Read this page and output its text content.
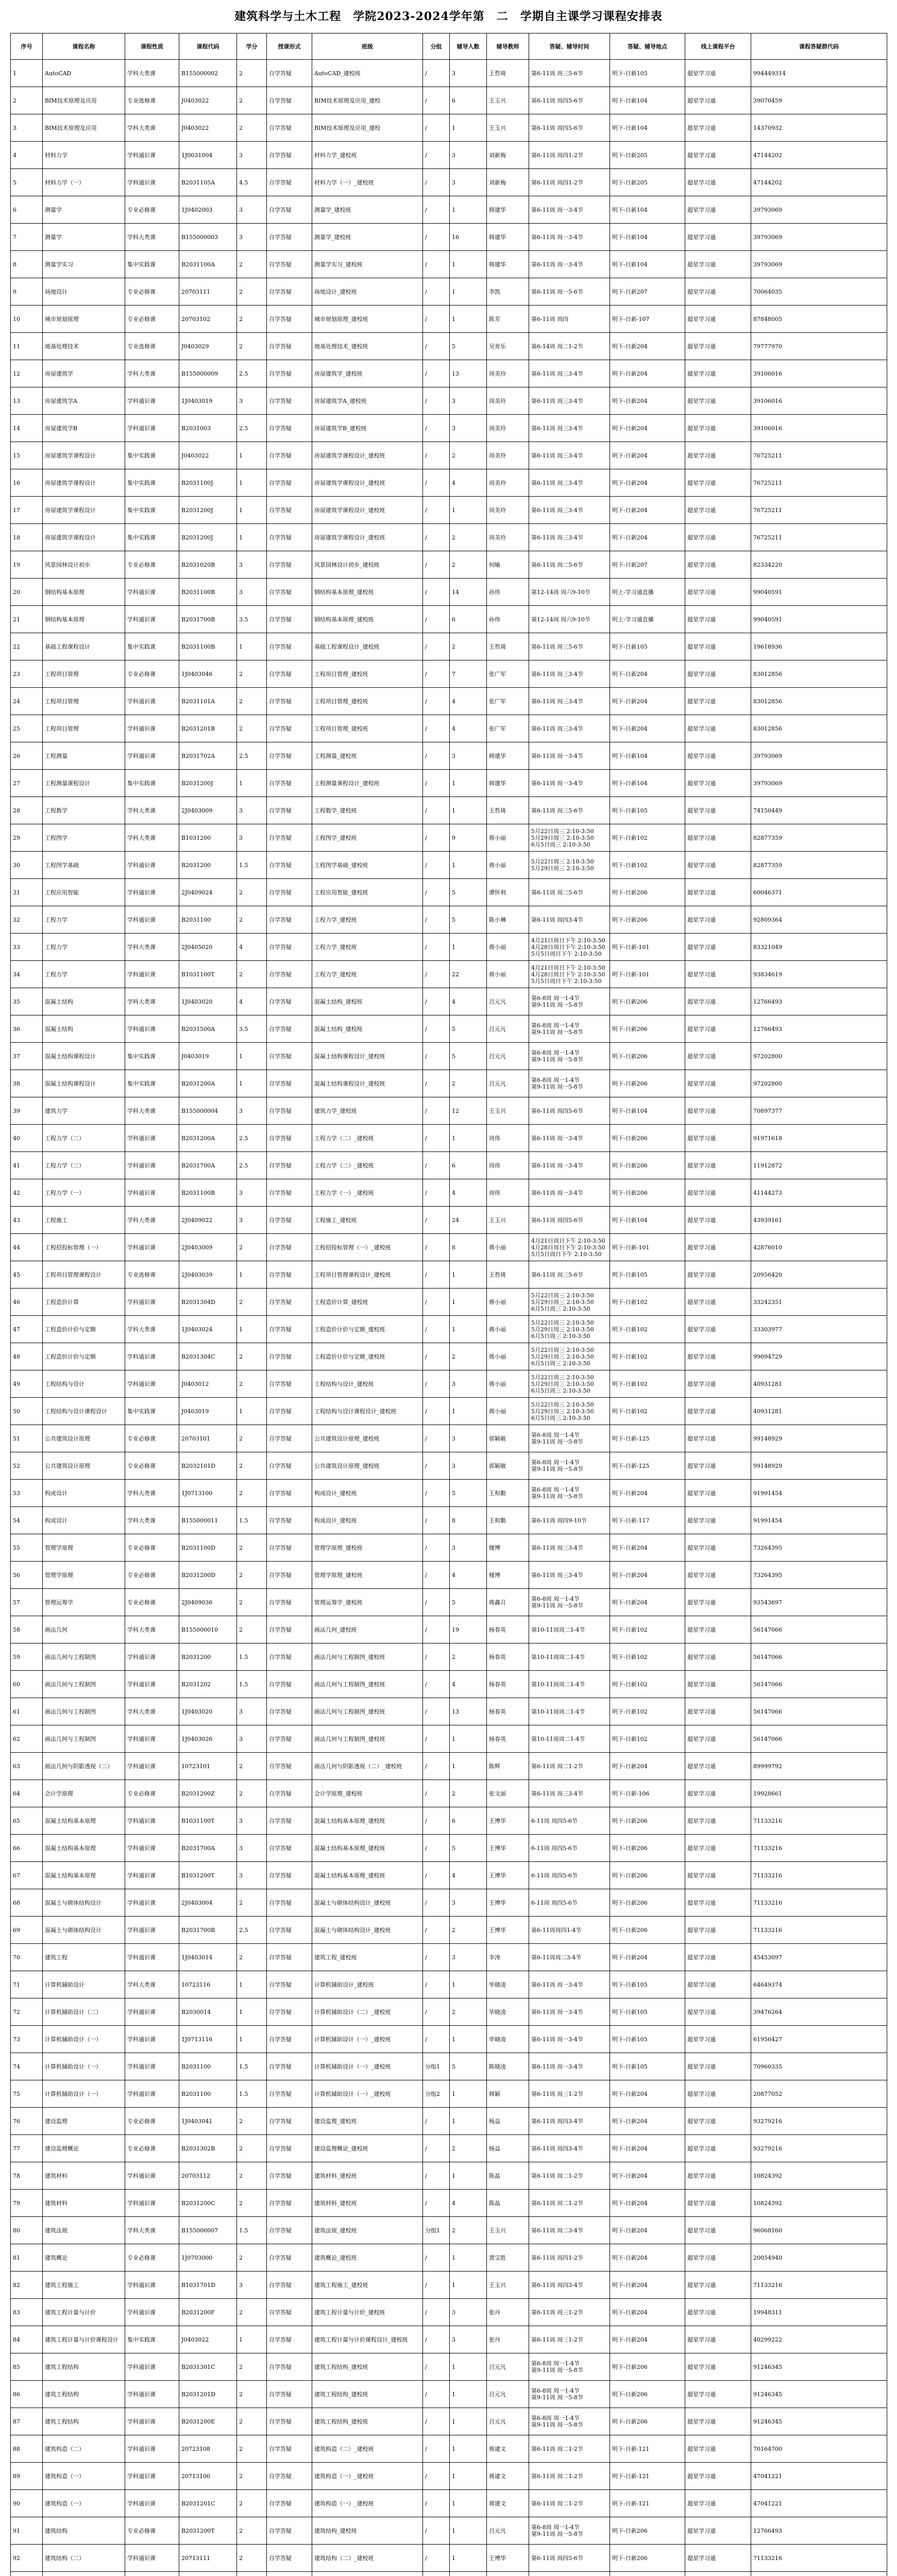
建筑科学与土木工程　学院2023-2024学年第　二　学期自主课学习课程安排表
序号	课程名称	课程性质	课程代码	学分	授课形式	班级	分组	辅导人数	辅导教师	答疑、辅导时间	答疑、辅导地点	线上课程平台	课程答疑群代码
1	AutoCAD	学科大类课	B155000002	2	自学答疑	AutoCAD_建校班	/	3	王哲琦	第6-11周 周三5-6节	明下-日新105	超星学习通	994449314
2	BIM技术原理及应用	专业选修课	J0403022	2	自学答疑	BIM技术原理及应用_建校	/	6	王玉兴	第6-11周 周四5-6节	明下-日新104	超星学习通	39070459
3	BIM技术原理及应用	学科大类课	J0403022	2	自学答疑	BIM技术原理及应用_建校	/	1	王玉兴	第6-11周 周四5-6节	明下-日新104	超星学习通	14370932
4	材料力学	学科通识课	1J0031004	3	自学答疑	材料力学_建校班	/	3	刘新梅	第6-11周 周四1-2节	明下-日新205	超星学习通	47144202
5	材料力学（一）	学科通识课	B2031105A	4.5	自学答疑	材料力学（一）_建校班	/	3	刘新梅	第6-11周 周四1-2节	明下-日新205	超星学习通	47144202
6	测量学	专业必修课	1J0402003	3	自学答疑	测量学_建校班	/	1	韩建华	第6-11周 周一3-4节	明下-日新104	超星学习通	39793069
7	测量学	学科大类课	B155000003	3	自学答疑	测量学_建校班	/	16	韩建华	第6-11周 周一3-4节	明下-日新104	超星学习通	39793069
8	测量学实习	集中实践课	B2031100A	2	自学答疑	测量学实习_建校班	/	1	韩建华	第6-11周 周一3-4节	明下-日新104	超星学习通	39793069
9	场地设计	专业必修课	20703111	2	自学答疑	场地设计_建校班	/	1	李凯	第6-11周 周一5-6节	明下-日新207	超星学习通	70064035
10	城市规划原理	专业必修课	20703102	2	自学答疑	城市规划原理_建校班	/	1	陈芳	第6-11周 周四	明下-日新-107	超星学习通	87848005
11	地基处理技术	专业选修课	J0403029	2	自学答疑	地基处理技术_建校班	/	5	吴育乐	第6-14周 周二1-2节	明下-日新204	超星学习通	79777970
12	房屋建筑学	学科大类课	B155000009	2.5	自学答疑	房屋建筑学_建校班	/	13	周美玲	第6-11周 周三3-4节	明下-日新204	超星学习通	39106016
13	房屋建筑学A	学科通识课	1J0403019	3	自学答疑	房屋建筑学A_建校班	/	3	周美玲	第6-11周 周三3-4节	明下-日新204	超星学习通	39106016
14	房屋建筑学B	学科通识课	B2031003	2.5	自学答疑	房屋建筑学B_建校班	/	3	周美玲	第6-11周 周三3-4节	明下-日新204	超星学习通	39106016
15	房屋建筑学课程设计	集中实践课	J0403022	1	自学答疑	房屋建筑学课程设计_建校班	/	2	周美玲	第6-11周 周三3-4节	明下-日新204	超星学习通	76725211
16	房屋建筑学课程设计	集中实践课	B2031100J	1	自学答疑	房屋建筑学课程设计_建校班	/	4	周美玲	第6-11周 周三3-4节	明下-日新204	超星学习通	76725211
17	房屋建筑学课程设计	集中实践课	B2031200J	1	自学答疑	房屋建筑学课程设计_建校班	/	1	周美玲	第6-11周 周三3-4节	明下-日新204	超星学习通	76725211
18	房屋建筑学课程设计	集中实践课	B2031200J	1	自学答疑	房屋建筑学课程设计_建校班	/	2	周美玲	第6-11周 周三3-4节	明下-日新204	超星学习通	76725211
19	风景园林设计初步	专业必修课	B2031020B	3	自学答疑	风景园林设计初步_建校班	/	2	何喻	第6-11周 周二5-6节	明下-日新207	超星学习通	82334220
20	钢结构基本原理	学科通识课	B2031100B	3	自学答疑	钢结构基本原理_建校班	/	14	孙伟	第12-14周 周六9-10节	明上-学习通直播	超星学习通	99040591
21	钢结构基本原理	学科通识课	B2031700B	3.5	自学答疑	钢结构基本原理_建校班	/	6	孙伟	第12-14周 周六9-10节	明上-学习通直播	超星学习通	99040591
22	基础工程课程设计	集中实践课	B2031100B	1	自学答疑	基础工程课程设计_建校班	/	2	王哲琦	第6-11周 周三5-6节	明下-日新105	超星学习通	19618936
23	工程项目管理	专业必修课	1J0403046	2	自学答疑	工程项目管理_建校班	/	7	张广军	第6-11周 周三3-4节	明下-日新204	超星学习通	83012856
24	工程项目管理	学科通识课	B2031101A	2	自学答疑	工程项目管理_建校班	/	4	张广军	第6-11周 周三3-4节	明下-日新204	超星学习通	83012856
25	工程项目管理	学科通识课	B2031201B	2	自学答疑	工程项目管理_建校班	/	4	张广军	第6-11周 周三3-4节	明下-日新204	超星学习通	83012856
26	工程测量	学科通识课	B2031702A	2.5	自学答疑	工程测量_建校班	/	3	韩建华	第6-11周 周一3-4节	明下-日新104	超星学习通	39793069
27	工程测量课程设计	集中实践课	B2031200J	1	自学答疑	工程测量课程设计_建校班	/	1	韩建华	第6-11周 周一3-4节	明下-日新104	超星学习通	39793069
28	工程数学	学科大类课	2J0403009	3	自学答疑	工程数学_建校班	/	1	王哲琦	第6-11周 周三5-6节	明下-日新105	超星学习通	74150449
29	工程图学	学科大类课	B1031200	3	自学答疑	工程图学_建校班	/	9	蒋小丽	5月22日周三 2:10-3:50
5月29日周三 2:10-3:50
6月5日周三 2:10-3:50	明下-日新102	超星学习通	82877359
30	工程图学基础	学科通识课	B2031200	1.5	自学答疑	工程图学基础_建校班	/	1	蒋小丽	5月22日周三 2:10-3:50
5月29日周三 2:10-3:50	明下-日新102	超星学习通	82877359
31	工程应用智能	学科通识课	2J0409024	2	自学答疑	工程应用智能_建校班	/	5	谭怀利	第6-11周 周二5-6节	明下-日新206	超星学习通	60046371
32	工程力学	学科通识课	B2031100	2	自学答疑	工程力学_建校班	/	5	陈小琳	第6-11周 周四3-4节	明下-日新206	超星学习通	92809364
33	工程力学	学科大类课	2J0405020	4	自学答疑	工程力学_建校班	/	1	蒋小丽	4月21日周日下午 2:10-3:50
4月28日周日下午 2:10-3:50
5月5日周日下午 2:10-3:50	明下-日新-101	超星学习通	83321049
34	工程力学	学科通识课	B1031100T	2	自学答疑	工程力学_建校班	/	22	蒋小丽	4月21日周日下午 2:10-3:50
4月28日周日下午 2:10-3:50
5月5日周日下午 2:10-3:50	明下-日新-101	超星学习通	93834619
35	混凝土结构	学科大类课	1J0403020	4	自学答疑	混凝土结构_建校班	/	4	吕元凡	第6-8周 周一1-4节
第9-11周 周一5-8节	明下-日新206	超星学习通	12766493
36	混凝土结构	学科通识课	B2031500A	3.5	自学答疑	混凝土结构_建校班	/	5	吕元凡	第6-8周 周一1-4节
第9-11周 周一5-8节	明下-日新206	超星学习通	12766493
37	混凝土结构课程设计	集中实践课	J0403019	1	自学答疑	混凝土结构课程设计_建校班	/	5	吕元凡	第6-8周 周一1-4节
第9-11周 周一5-8节	明下-日新206	超星学习通	97202800
38	混凝土结构课程设计	集中实践课	B2031200A	1	自学答疑	混凝土结构课程设计_建校班	/	2	吕元凡	第6-8周 周一1-4节
第9-11周 周一5-8节	明下-日新206	超星学习通	97202800
39	建筑力学	学科大类课	B155000004	3	自学答疑	建筑力学_建校班	/	12	王玉兴	第6-11周 周四5-6节	明下-日新104	超星学习通	70897377
40	工程力学（二）	学科通识课	B2031200A	2.5	自学答疑	工程力学（二）_建校班	/	1	周伟	第6-11周 周一3-4节	明下-日新206	超星学习通	91971618
41	工程力学（二）	学科通识课	B2031700A	2.5	自学答疑	工程力学（二）_建校班	/	6	周伟	第6-11周 周一3-4节	明下-日新206	超星学习通	11912872
42	工程力学（一）	学科通识课	B2031100B	3	自学答疑	工程力学（一）_建校班	/	4	周伟	第6-11周 周一3-4节	明下-日新206	超星学习通	41144273
43	工程施工	学科大类课	2J0409022	3	自学答疑	工程施工_建校班	/	24	王玉兴	第6-11周 周四5-6节	明下-日新104	超星学习通	43939161
44	工程招投标管理（一）	学科通识课	2J0403009	2	自学答疑	工程招投标管理（一）_建校班	/	8	蒋小丽	4月21日周日下午 2:10-3:50
4月28日周日下午 2:10-3:50
5月5日周日下午 2:10-3:50	明下-日新-101	超星学习通	42876010
45	工程项目管理课程设计	专业选修课	2J0403039	1	自学答疑	工程项目管理课程设计_建校班	/	1	王哲琦	第6-11周 周三5-6节	明下-日新105	超星学习通	20956420
46	工程造价计算	学科通识课	B2031304D	2	自学答疑	工程造价计算_建校班	/	1	蒋小丽	5月22日周三 2:10-3:50
5月29日周三 2:10-3:50
6月5日周三 2:10-3:50	明下-日新102	超星学习通	33242351
47	工程造价计价与定额	学科大类课	1J0403024	1	自学答疑	工程造价计价与定额_建校班	/	1	蒋小丽	5月22日周三 2:10-3:50
5月29日周三 2:10-3:50
6月5日周三 2:10-3:50	明下-日新102	超星学习通	33303977
48	工程造价计价与定额	学科通识课	B2031304C	2	自学答疑	工程造价计价与定额_建校班	/	2	蒋小丽	5月22日周三 2:10-3:50
5月29日周三 2:10-3:50
6月5日周三 2:10-3:50	明下-日新102	超星学习通	99094729
49	工程结构与设计	学科通识课	J0403012	2	自学答疑	工程结构与设计_建校班	/	3	蒋小丽	5月22日周三 2:10-3:50
5月29日周三 2:10-3:50
6月5日周三 2:10-3:50	明下-日新102	超星学习通	40931281
50	工程结构与设计课程设计	集中实践课	J0403019	1	自学答疑	工程结构与设计课程设计_建校班	/	1	蒋小丽	5月22日周三 2:10-3:50
5月29日周三 2:10-3:50
6月5日周三 2:10-3:50	明下-日新102	超星学习通	40931281
51	公共建筑设计原理	专业必修课	20703101	2	自学答疑	公共建筑设计原理_建校班	/	3	郭颖敏	第6-8周 周一1-4节
第9-11周 周一5-8节	明下-日新-125	超星学习通	99148929
52	公共建筑设计原理	专业必修课	B2032101D	2	自学答疑	公共建筑设计原理_建校班	/	3	郭颖敏	第6-8周 周一1-4节
第9-11周 周一5-8节	明下-日新-125	超星学习通	99148929
53	构成设计	学科大类课	1J0713100	2	自学答疑	构成设计_建校班	/	5	王和勤	第6-8周 周一1-4节
第9-11周 周一5-8节	明下-日新204	超星学习通	91991454
54	构成设计	学科大类课	B155000011	1.5	自学答疑	构成设计_建校班	/	8	王和勤	第6-11周 周四9-10节	明下-日新-117	超星学习通	91991454
55	管理学原理	专业必修课	B2031100D	2	自学答疑	管理学原理_建校班	/	3	楼博	第6-11周 周三3-4节	明下-日新204	超星学习通	73264395
56	管理学原理	专业必修课	B2031200D	2	自学答疑	管理学原理_建校班	/	4	楼博	第6-11周 周三3-4节	明下-日新204	超星学习通	73264395
57	管理运筹学	专业必修课	2J0409036	2	自学答疑	管理运筹学_建校班	/	5	蒋鑫月	第6-8周 周一1-4节
第9-11周 周一5-8节	明下-日新204	超星学习通	93543697
58	画法几何	学科大类课	B155000010	2	自学答疑	画法几何_建校班	/	19	杨春英	第10-11周周二1-4节	明下-日新102	超星学习通	56147066
59	画法几何与工程制图	学科通识课	B2031200	1.5	自学答疑	画法几何与工程制图_建校班	/	2	杨春英	第10-11周周二1-4节	明下-日新102	超星学习通	56147066
60	画法几何与工程制图	学科通识课	B2031202	1.5	自学答疑	画法几何与工程制图_建校班	/	4	杨春英	第10-11周周二1-4节	明下-日新102	超星学习通	56147066
61	画法几何与工程制图	学科大类课	1J0403020	3	自学答疑	画法几何与工程制图_建校班	/	13	杨春英	第10-11周周二1-4节	明下-日新102	超星学习通	56147066
62	画法几何与工程制图	学科通识课	1J0403026	3	自学答疑	画法几何与工程制图_建校班	/	1	杨春英	第10-11周周二1-4节	明下-日新102	超星学习通	56147066
63	画法几何与阴影透视（二）	学科通识课	10723101	2	自学答疑	画法几何与阴影透视（二）_建校班	/	1	陈辉	第6-11周 周二1-2节	明下-日新204	超星学习通	89999792
64	会计学原理	专业必修课	B2031200Z	2	自学答疑	会计学原理_建校班	/	2	张文丽	第6-11周 周三3-4节	明下-日新-106	超星学习通	19928661
65	混凝土结构基本原理	学科通识课	B1031100T	3	自学答疑	混凝土结构基本原理_建校班	/	6	王博华	6-11周 周四5-6节	明下-日新206	超星学习通	71133216
66	混凝土结构基本原理	学科通识课	B2031700A	3	自学答疑	混凝土结构基本原理_建校班	/	5	王博华	6-11周 周四5-6节	明下-日新206	超星学习通	71133216
67	混凝土结构基本原理	学科通识课	B1031200T	3	自学答疑	混凝土结构基本原理_建校班	/	4	王博华	6-11周 周四5-6节	明下-日新206	超星学习通	71133216
68	混凝土与砌体结构设计	学科通识课	2J0403004	2	自学答疑	混凝土与砌体结构设计_建校班	/	3	王博华	6-11周 周四5-6节	明下-日新206	超星学习通	71133216
69	混凝土与砌体结构设计	学科通识课	B2031700B	2.5	自学答疑	混凝土与砌体结构设计_建校班	/	2	王博华	第6-11周周四1-4节	明下-日新206	超星学习通	71133216
70	建筑工程	学科通识课	1J0403014	2	自学答疑	建筑工程_建校班	/	3	李涛	第6-11周周二3-4节	明下-日新204	超星学习通	45453097
71	计算机辅助设计	学科大类课	10723116	1	自学答疑	计算机辅助设计_建校班	/	1	毕晓凌	第6-11周 周一3-4节	明下-日新105	超星学习通	64649374
72	计算机辅助设计（二）	学科通识课	B2030014	1	自学答疑	计算机辅助设计（二）_建校班	/	2	毕晓凌	第6-11周 周一3-4节	明下-日新105	超星学习通	39476264
73	计算机辅助设计（一）	学科通识课	1J0713116	1	自学答疑	计算机辅助设计（一）_建校班	/	1	毕晓凌	第6-11周 周一3-4节	明下-日新105	超星学习通	61956427
74	计算机辅助设计（一）	学科通识课	B2031100	1.5	自学答疑	计算机辅助设计（一）_建校班	分组1	5	陈晓凌	第6-11周 周一3-4节	明下-日新105	超星学习通	70960335
75	计算机辅助设计（一）	学科通识课	B2031100	1.5	自学答疑	计算机辅助设计（一）_建校班	分组2	1	韩颖	第6-11周 周三1-2节	明下-日新204	超星学习通	20877052
76	建设监理	专业必修课	1J0403041	2	自学答疑	建设监理_建校班	/	1	杨益	第6-11周 周四3-4节	明下-日新204	超星学习通	93279216
77	建设监理概论	专业必修课	B2031302B	2	自学答疑	建设监理概论_建校班	/	2	杨益	第6-11周 周四3-4节	明下-日新204	超星学习通	93279216
78	建筑材料	学科通识课	20703112	2	自学答疑	建筑材料_建校班	/	1	陈晶	第6-11周 周二1-2节	明下-日新204	超星学习通	10824392
79	建筑材料	学科通识课	B2031200C	2	自学答疑	建筑材料_建校班	/	4	陈晶	第6-11周 周二1-2节	明下-日新204	超星学习通	10824392
80	建筑法规	学科大类课	B155000007	1.5	自学答疑	建筑法规_建校班	分组1	2	王玉兴	第6-11周 周二3-4节	明下-日新204	超星学习通	96068160
81	建筑概论	专业必修课	1J0703000	2	自学答疑	建筑概论_建校班	/	1	贾宝胜	第6-11周 周四1-2节	明下-日新204	超星学习通	20054940
82	建筑工程施工	学科通识课	B1031701D	3	自学答疑	建筑工程施工_建校班	/	1	王玉兴	第6-11周 周四3-4节	明下-日新204	超星学习通	71133216
83	建筑工程计量与计价	学科通识课	B2031200F	2	自学答疑	建筑工程计量与计价_建校班	/	3	张丹	第6-11周 周三1-2节	明下-日新204	超星学习通	19948311
84	建筑工程计量与计价课程设计	集中实践课	J0403022	1	自学答疑	建筑工程计量与计价课程设计_建校班	/	3	张丹	第6-11周 周三1-2节	明下-日新204	超星学习通	40299222
85	建筑工程结构	学科通识课	B2031301C	2	自学答疑	建筑工程结构_建校班	/	1	吕元凡	第6-8周 周一1-4节
第9-11周 周一5-8节	明下-日新206	超星学习通	91246345
86	建筑工程结构	学科通识课	B2031201D	2	自学答疑	建筑工程结构_建校班	/	1	吕元凡	第6-8周 周一1-4节
第9-11周 周一5-8节	明下-日新206	超星学习通	91246345
87	建筑工程结构	学科通识课	B2031200E	2	自学答疑	建筑工程结构_建校班	/	1	吕元凡	第6-8周 周一1-4节
第9-11周 周一5-8节	明下-日新206	超星学习通	91246345
88	建筑构造（二）	学科通识课	20723108	2	自学答疑	建筑构造（二）_建校班	/	1	蒋建文	第6-11周 周二1-2节	明下-日新-121	超星学习通	70164700
89	建筑构造（一）	学科通识课	20713106	2	自学答疑	建筑构造（一）_建校班	/	1	蒋建文	第6-11周 周二1-2节	明下-日新-121	超星学习通	47041221
90	建筑构造（一）	学科通识课	B2031201C	2	自学答疑	建筑构造（一）_建校班	/	1	蒋建文	第6-11周 周二1-2节	明下-日新-121	超星学习通	47041221
91	建筑结构	专业必修课	B2031200T	2	自学答疑	建筑结构_建校班	/	1	吕元凡	第6-8周 周一1-4节
第9-11周 周一5-8节	明下-日新206	超星学习通	12766493
92	建筑结构（二）	学科通识课	20713111	2	自学答疑	建筑结构（二）_建校班	/	1	王博华	第6-11周 周四5-6节	明下-日新206	超星学习通	71133216
